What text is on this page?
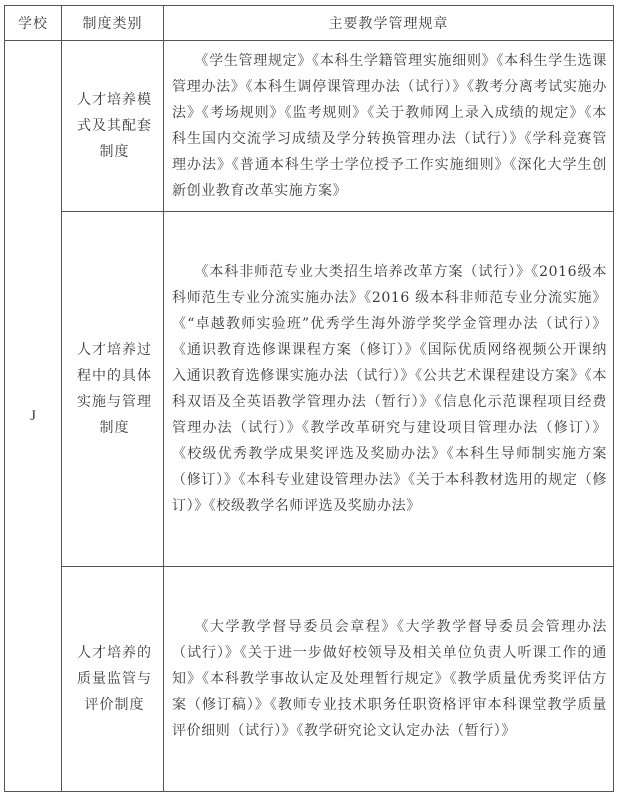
学校	制度类别	主要教学管理规章
J	人才培养模式及其配套制度	《学生管理规定》《本科生学籍管理实施细则》《本科生学生选课管理办法》《本科生调停课管理办法（试行）》《教考分离考试实施办法》《考场规则》《监考规则》《关于教师网上录入成绩的规定》《本科生国内交流学习成绩及学分转换管理办法（试行）》《学科竞赛管理办法》《普通本科生学士学位授予工作实施细则》《深化大学生创新创业教育改革实施方案》

	人才培养过程中的具体实施与管理制度	《本科非师范专业大类招生培养改革方案（试行）》《2016级本科师范生专业分流实施办法》《2016 级本科非师范专业分流实施》《“卓越教师实验班”优秀学生海外游学奖学金管理办法（试行）》《通识教育选修课课程方案（修订）》《国际优质网络视频公开课纳入通识教育选修课实施办法（试行）》《公共艺术课程建设方案》《本科双语及全英语教学管理办法（暂行）》《信息化示范课程项目经费管理办法（试行）》《教学改革研究与建设项目管理办法（修订）》《校级优秀教学成果奖评选及奖励办法》《本科生导师制实施方案（修订）》《本科专业建设管理办法》《关于本科教材选用的规定（修订）》《校级教学名师评选及奖励办法》

	人才培养的质量监管与评价制度	《大学教学督导委员会章程》《大学教学督导委员会管理办法（试行）》《关于进一步做好校领导及相关单位负责人听课工作的通知》《本科教学事故认定及处理暂行规定》《教学质量优秀奖评估方案（修订稿）》《教师专业技术职务任职资格评审本科课堂教学质量评价细则（试行）》《教学研究论文认定办法（暂行）》
